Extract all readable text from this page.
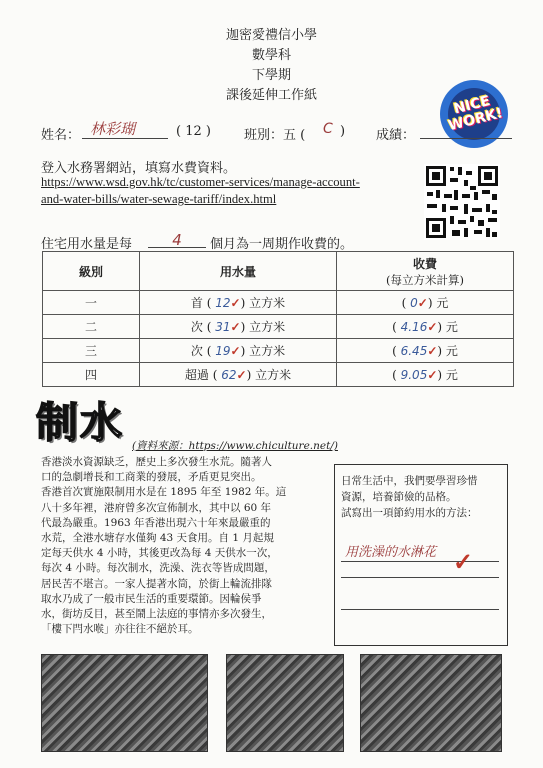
迦密愛禮信小學
數學科
下學期
課後延伸工作紙	NICE WORK!
姓名： 林彩瑚	( 12 )	班別：五 ( C ) 成績：
登入水務署網站，填寫水費資料。
https://www.wsd.gov.hk/tc/customer-services/manage-account-
and-water-bills/water-sewage-tariff/index.html
住宅用水量是每	4	個月為一周期作收費的。
級別	用水量	收費
(每立方米計算)

一	首 ( 12✓) 立方米	( 0✓) 元
二	次 ( 31✓) 立方米	( 4.16✓) 元
三	次 ( 19✓) 立方米	( 6.45✓) 元
四	超過 ( 62✓) 立方米	( 9.05✓) 元
制水 (資料來源：https://www.chiculture.net/)
香港淡水資源缺乏，歷史上多次發生水荒。隨著人
口的急劇增長和工商業的發展，矛盾更見突出。
香港首次實施限制用水是在 1895 年至 1982 年。這
八十多年裡，港府曾多次宣佈制水，其中以 60 年
代最為嚴重。1963 年香港出現六十年來最嚴重的
水荒，全港水塘存水僅夠 43 天食用。自 1 月起規
定每天供水 4 小時，其後更改為每 4 天供水一次，
每次 4 小時。每次制水，洗澡、洗衣等皆成問題，
居民苦不堪言。一家人提著水筒，於街上輪流排隊
取水乃成了一般市民生活的重要環節。因輪侯爭
水，街坊反目，甚至鬧上法庭的事情亦多次發生，
「樓下閂水喉」亦往往不絕於耳。
日常生活中，我們要學習珍惜
資源，培養節儉的品格。
試寫出一項節約用水的方法：
用洗澡的水淋花 ✓
